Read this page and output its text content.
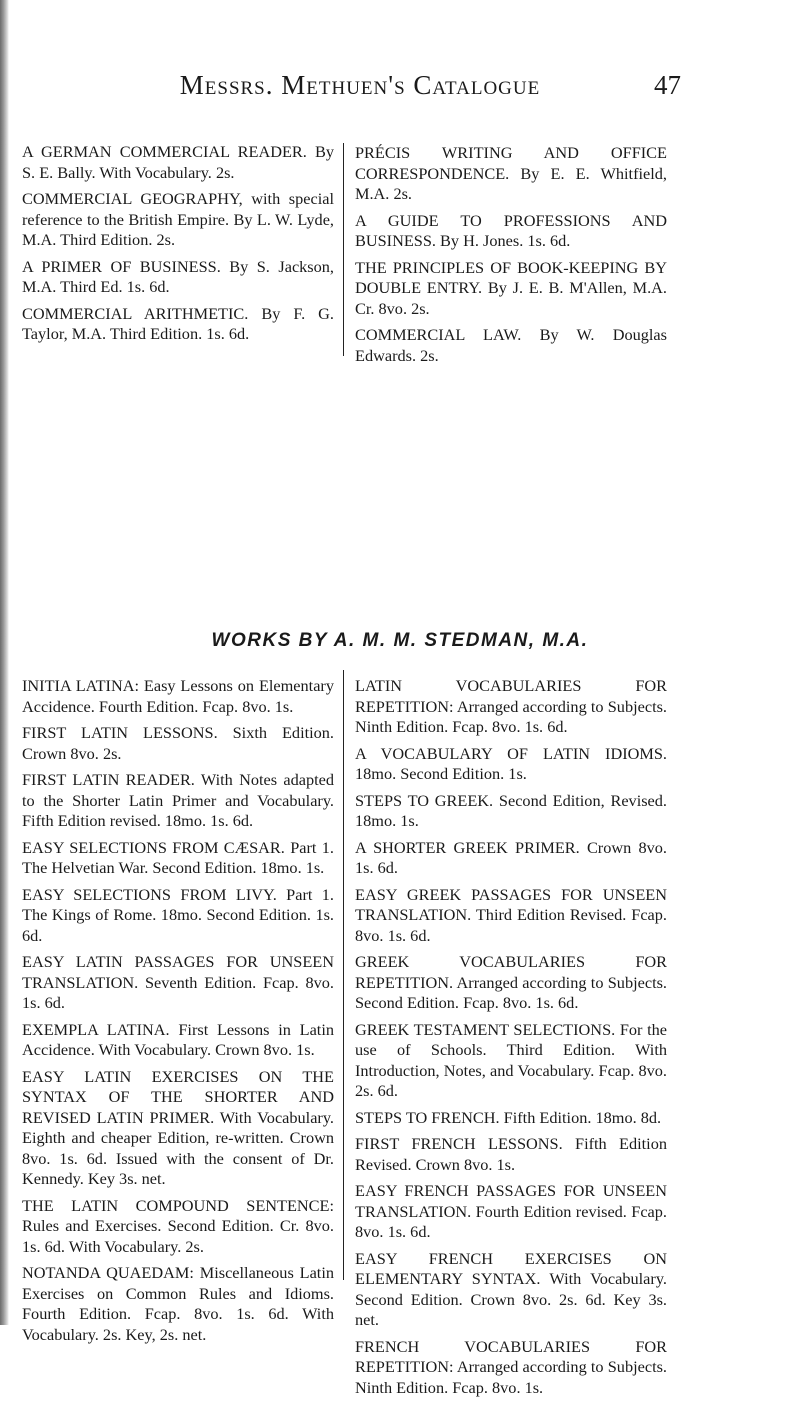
Messrs. Methuen's Catalogue	47

A GERMAN COMMERCIAL READER. By S. E. Bally. With Vocabulary. 2s.

COMMERCIAL GEOGRAPHY, with special reference to the British Empire. By L. W. Lyde, M.A. Third Edition. 2s.

A PRIMER OF BUSINESS. By S. Jackson, M.A. Third Ed. 1s. 6d.

COMMERCIAL ARITHMETIC. By F. G. Taylor, M.A. Third Edition. 1s. 6d.

PRÉCIS WRITING AND OFFICE CORRESPONDENCE. By E. E. Whitfield, M.A. 2s.

A GUIDE TO PROFESSIONS AND BUSINESS. By H. Jones. 1s. 6d.

THE PRINCIPLES OF BOOK-KEEPING BY DOUBLE ENTRY. By J. E. B. M'Allen, M.A. Cr. 8vo. 2s.

COMMERCIAL LAW. By W. Douglas Edwards. 2s.

WORKS BY A. M. M. STEDMAN, M.A.

INITIA LATINA: Easy Lessons on Elementary Accidence. Fourth Edition. Fcap. 8vo. 1s.

FIRST LATIN LESSONS. Sixth Edition. Crown 8vo. 2s.

FIRST LATIN READER. With Notes adapted to the Shorter Latin Primer and Vocabulary. Fifth Edition revised. 18mo. 1s. 6d.

EASY SELECTIONS FROM CÆSAR. Part 1. The Helvetian War. Second Edition. 18mo. 1s.

EASY SELECTIONS FROM LIVY. Part 1. The Kings of Rome. 18mo. Second Edition. 1s. 6d.

EASY LATIN PASSAGES FOR UNSEEN TRANSLATION. Seventh Edition. Fcap. 8vo. 1s. 6d.

EXEMPLA LATINA. First Lessons in Latin Accidence. With Vocabulary. Crown 8vo. 1s.

EASY LATIN EXERCISES ON THE SYNTAX OF THE SHORTER AND REVISED LATIN PRIMER. With Vocabulary. Eighth and cheaper Edition, re-written. Crown 8vo. 1s. 6d. Issued with the consent of Dr. Kennedy. Key 3s. net.

THE LATIN COMPOUND SENTENCE: Rules and Exercises. Second Edition. Cr. 8vo. 1s. 6d. With Vocabulary. 2s.

NOTANDA QUAEDAM: Miscellaneous Latin Exercises on Common Rules and Idioms. Fourth Edition. Fcap. 8vo. 1s. 6d. With Vocabulary. 2s. Key, 2s. net.

LATIN VOCABULARIES FOR REPETITION: Arranged according to Subjects. Ninth Edition. Fcap. 8vo. 1s. 6d.

A VOCABULARY OF LATIN IDIOMS. 18mo. Second Edition. 1s.

STEPS TO GREEK. Second Edition, Revised. 18mo. 1s.

A SHORTER GREEK PRIMER. Crown 8vo. 1s. 6d.

EASY GREEK PASSAGES FOR UNSEEN TRANSLATION. Third Edition Revised. Fcap. 8vo. 1s. 6d.

GREEK VOCABULARIES FOR REPETITION. Arranged according to Subjects. Second Edition. Fcap. 8vo. 1s. 6d.

GREEK TESTAMENT SELECTIONS. For the use of Schools. Third Edition. With Introduction, Notes, and Vocabulary. Fcap. 8vo. 2s. 6d.

STEPS TO FRENCH. Fifth Edition. 18mo. 8d.

FIRST FRENCH LESSONS. Fifth Edition Revised. Crown 8vo. 1s.

EASY FRENCH PASSAGES FOR UNSEEN TRANSLATION. Fourth Edition revised. Fcap. 8vo. 1s. 6d.

EASY FRENCH EXERCISES ON ELEMENTARY SYNTAX. With Vocabulary. Second Edition. Crown 8vo. 2s. 6d. Key 3s. net.

FRENCH VOCABULARIES FOR REPETITION: Arranged according to Subjects. Ninth Edition. Fcap. 8vo. 1s.
